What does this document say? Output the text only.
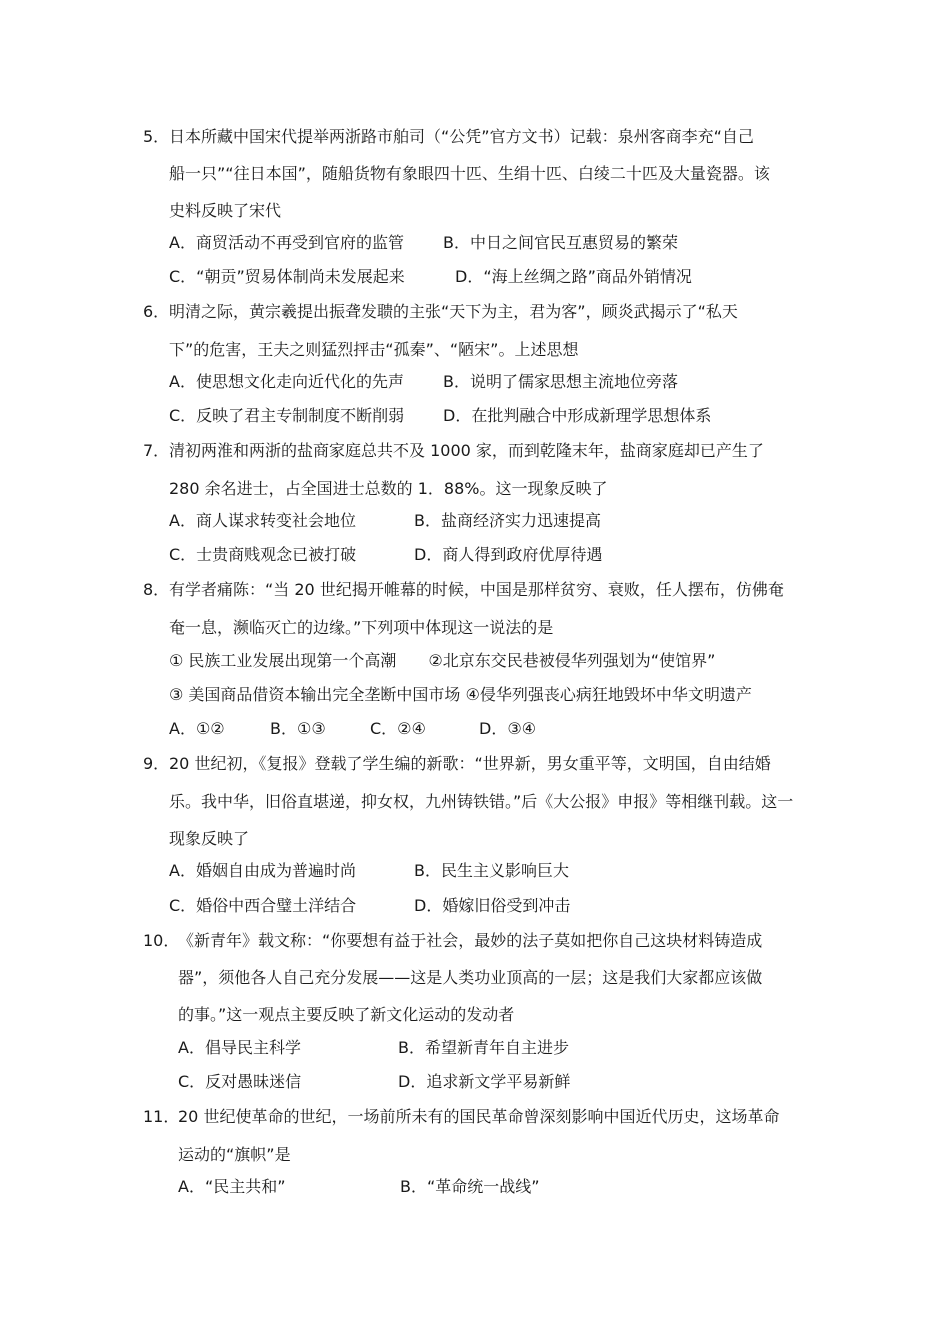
5． 日本所藏中国宋代提举两浙路市舶司（“公凭”官方文书）记载：泉州客商李充“自己
船一只”“往日本国”，随船货物有象眼四十匹、生绢十匹、白绫二十匹及大量瓷器。该
史料反映了宋代
A．商贸活动不再受到官府的监管 B．中日之间官民互惠贸易的繁荣
C．“朝贡”贸易体制尚未发展起来	D．“海上丝绸之路”商品外销情况
6． 明清之际，黄宗羲提出振聋发聩的主张“天下为主，君为客”，顾炎武揭示了“私天
下”的危害，王夫之则猛烈抨击“孤秦”、“陋宋”。上述思想
A．使思想文化走向近代化的先声 B．说明了儒家思想主流地位旁落
C．反映了君主专制制度不断削弱 D．在批判融合中形成新理学思想体系
7． 清初两淮和两浙的盐商家庭总共不及 1000 家，而到乾隆末年，盐商家庭却已产生了
280 余名进士，占全国进士总数的 1．88%。这一现象反映了
A．商人谋求转变社会地位	B．盐商经济实力迅速提高
C．士贵商贱观念已被打破	D．商人得到政府优厚待遇
8． 有学者痛陈：“当 20 世纪揭开帷幕的时候，中国是那样贫穷、衰败，任人摆布，仿佛奄
奄一息，濒临灭亡的边缘。”下列项中体现这一说法的是
① 民族工业发展出现第一个高潮　　②北京东交民巷被侵华列强划为“使馆界”
③ 美国商品借资本输出完全垄断中国市场 ④侵华列强丧心病狂地毁坏中华文明遗产
A．①②	B．①③	C．②④	D．③④
9． 20 世纪初，《复报》登载了学生编的新歌：“世界新，男女重平等，文明国，自由结婚
乐。我中华，旧俗直堪递，抑女权，九州铸铁错。”后《大公报》申报》等相继刊载。这一
现象反映了
A．婚姻自由成为普遍时尚	B．民生主义影响巨大
C．婚俗中西合璧土洋结合	D．婚嫁旧俗受到冲击
10．
《新青年》载文称：“你要想有益于社会，最妙的法子莫如把你自己这块材料铸造成
器”，须他各人自己充分发展——这是人类功业顶高的一层；这是我们大家都应该做
的事。”这一观点主要反映了新文化运动的发动者
A．倡导民主科学	B．希望新青年自主进步
C．反对愚昧迷信	D．追求新文学平易新鲜
11．
20 世纪使革命的世纪，一场前所未有的国民革命曾深刻影响中国近代历史，这场革命
运动的“旗帜”是
A．“民主共和”	B．“革命统一战线”
